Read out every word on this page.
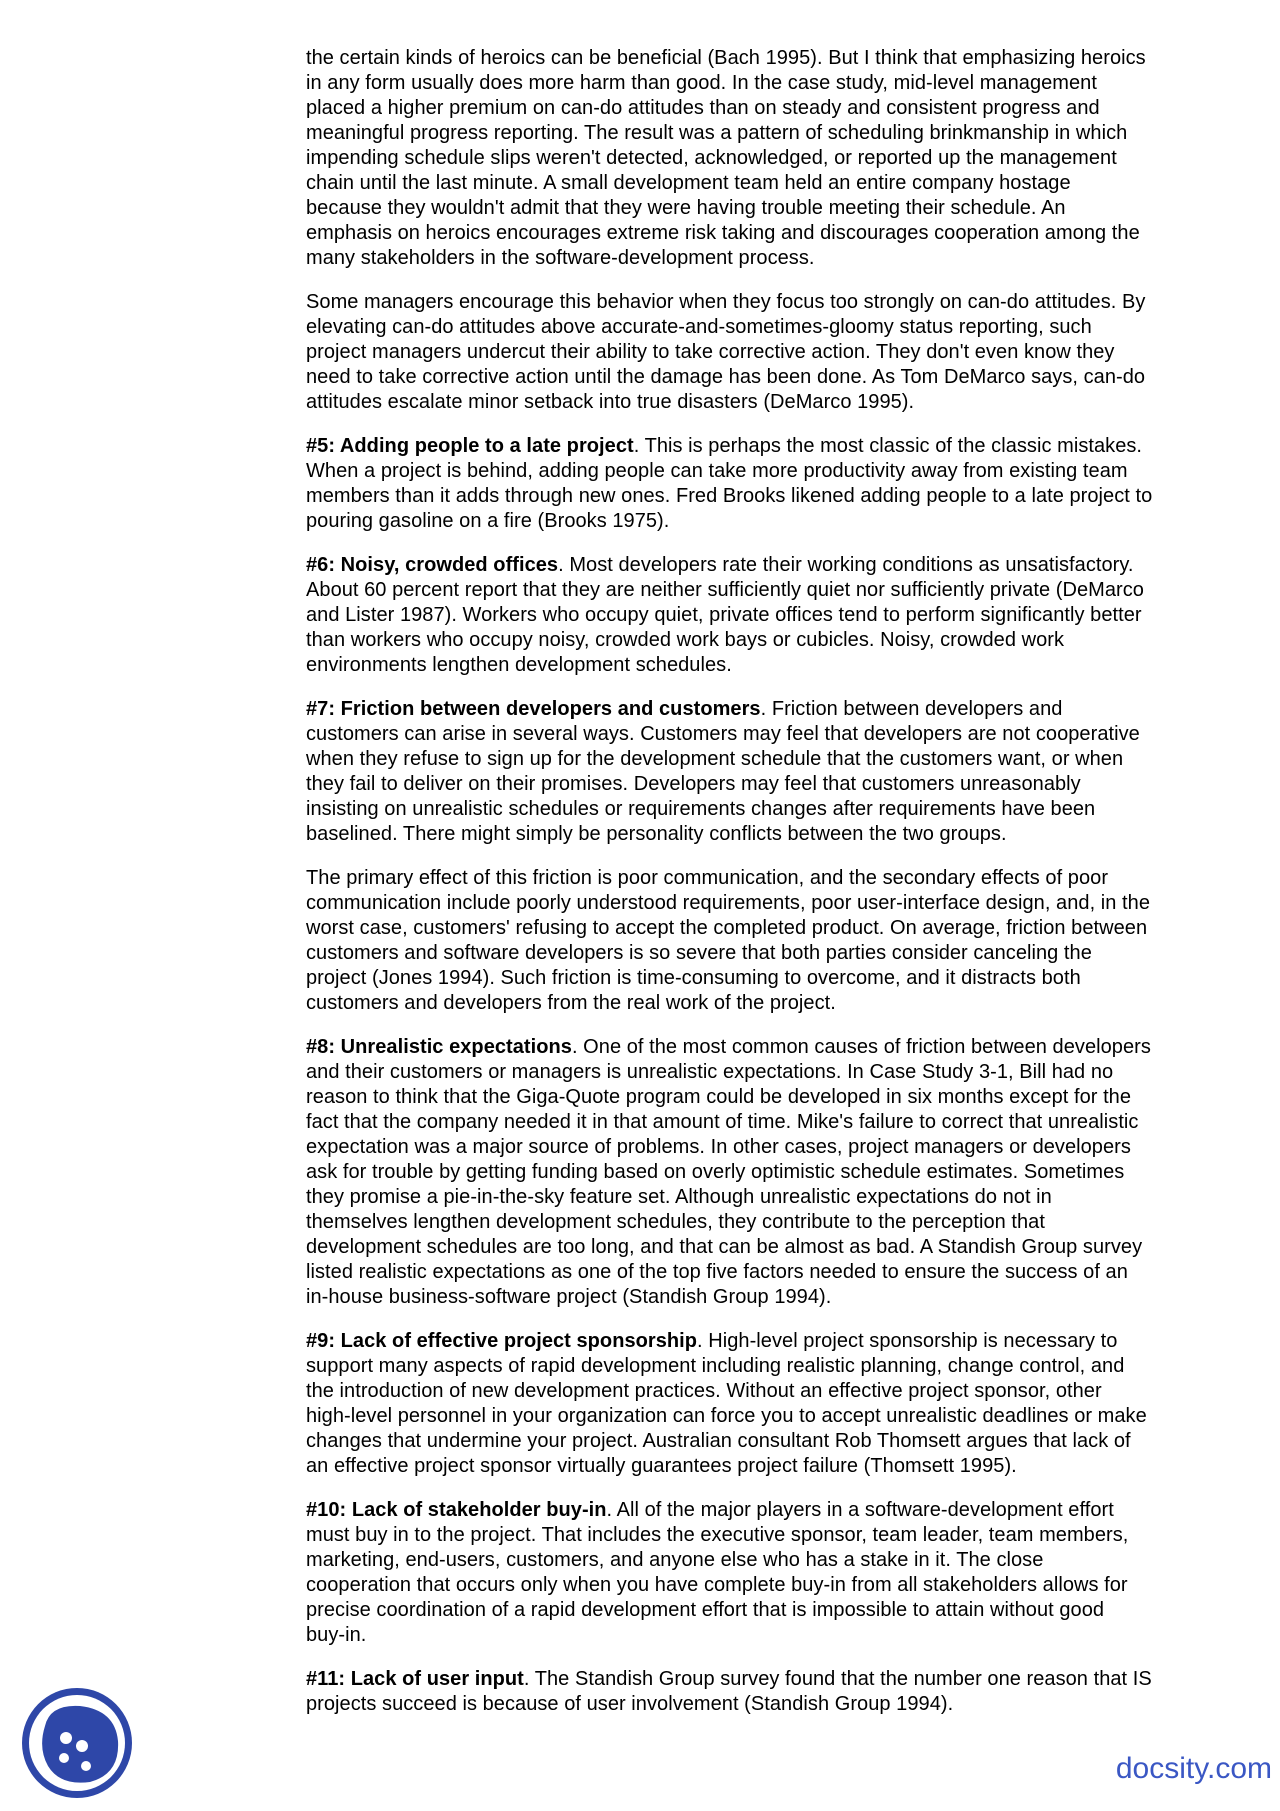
the certain kinds of heroics can be beneficial (Bach 1995). But I think that emphasizing heroics
in any form usually does more harm than good. In the case study, mid-level management
placed a higher premium on can-do attitudes than on steady and consistent progress and
meaningful progress reporting. The result was a pattern of scheduling brinkmanship in which
impending schedule slips weren't detected, acknowledged, or reported up the management
chain until the last minute. A small development team held an entire company hostage
because they wouldn't admit that they were having trouble meeting their schedule. An
emphasis on heroics encourages extreme risk taking and discourages cooperation among the
many stakeholders in the software-development process.

Some managers encourage this behavior when they focus too strongly on can-do attitudes. By
elevating can-do attitudes above accurate-and-sometimes-gloomy status reporting, such
project managers undercut their ability to take corrective action. They don't even know they
need to take corrective action until the damage has been done. As Tom DeMarco says, can-do
attitudes escalate minor setback into true disasters (DeMarco 1995).

#5: Adding people to a late project. This is perhaps the most classic of the classic mistakes.
When a project is behind, adding people can take more productivity away from existing team
members than it adds through new ones. Fred Brooks likened adding people to a late project to
pouring gasoline on a fire (Brooks 1975).

#6: Noisy, crowded offices. Most developers rate their working conditions as unsatisfactory.
About 60 percent report that they are neither sufficiently quiet nor sufficiently private (DeMarco
and Lister 1987). Workers who occupy quiet, private offices tend to perform significantly better
than workers who occupy noisy, crowded work bays or cubicles. Noisy, crowded work
environments lengthen development schedules.

#7: Friction between developers and customers. Friction between developers and
customers can arise in several ways. Customers may feel that developers are not cooperative
when they refuse to sign up for the development schedule that the customers want, or when
they fail to deliver on their promises. Developers may feel that customers unreasonably
insisting on unrealistic schedules or requirements changes after requirements have been
baselined. There might simply be personality conflicts between the two groups.

The primary effect of this friction is poor communication, and the secondary effects of poor
communication include poorly understood requirements, poor user-interface design, and, in the
worst case, customers' refusing to accept the completed product. On average, friction between
customers and software developers is so severe that both parties consider canceling the
project (Jones 1994). Such friction is time-consuming to overcome, and it distracts both
customers and developers from the real work of the project.

#8: Unrealistic expectations. One of the most common causes of friction between developers
and their customers or managers is unrealistic expectations. In Case Study 3-1, Bill had no
reason to think that the Giga-Quote program could be developed in six months except for the
fact that the company needed it in that amount of time. Mike's failure to correct that unrealistic
expectation was a major source of problems. In other cases, project managers or developers
ask for trouble by getting funding based on overly optimistic schedule estimates. Sometimes
they promise a pie-in-the-sky feature set. Although unrealistic expectations do not in
themselves lengthen development schedules, they contribute to the perception that
development schedules are too long, and that can be almost as bad. A Standish Group survey
listed realistic expectations as one of the top five factors needed to ensure the success of an
in-house business-software project (Standish Group 1994).

#9: Lack of effective project sponsorship. High-level project sponsorship is necessary to
support many aspects of rapid development including realistic planning, change control, and
the introduction of new development practices. Without an effective project sponsor, other
high-level personnel in your organization can force you to accept unrealistic deadlines or make
changes that undermine your project. Australian consultant Rob Thomsett argues that lack of
an effective project sponsor virtually guarantees project failure (Thomsett 1995).

#10: Lack of stakeholder buy-in. All of the major players in a software-development effort
must buy in to the project. That includes the executive sponsor, team leader, team members,
marketing, end-users, customers, and anyone else who has a stake in it. The close
cooperation that occurs only when you have complete buy-in from all stakeholders allows for
precise coordination of a rapid development effort that is impossible to attain without good
buy-in.

#11: Lack of user input. The Standish Group survey found that the number one reason that IS
projects succeed is because of user involvement (Standish Group 1994).

docsity.com
